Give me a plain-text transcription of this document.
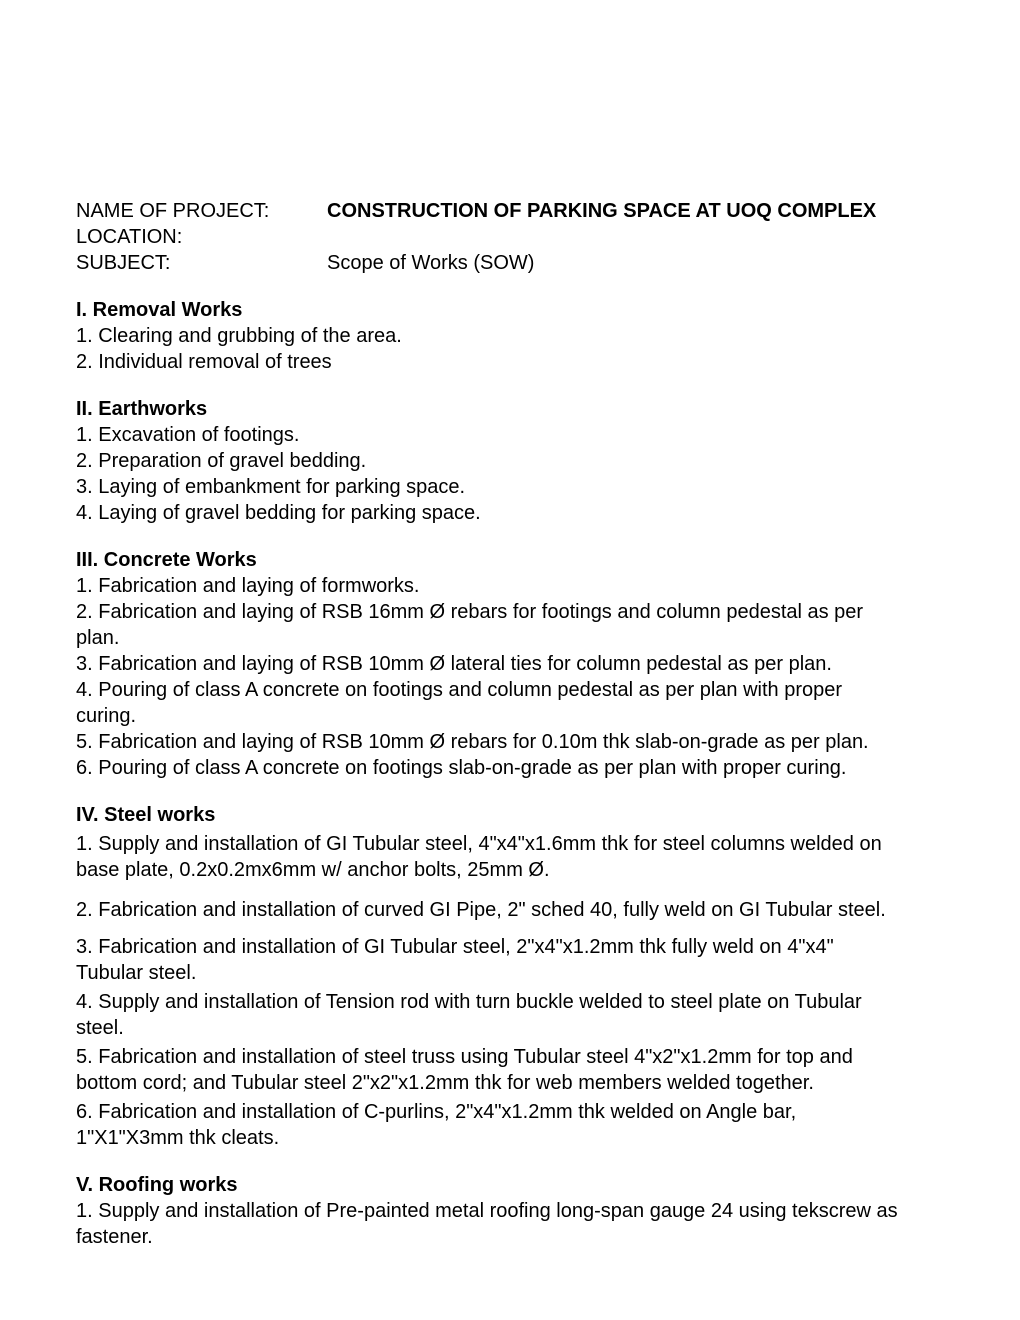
NAME OF PROJECT:	CONSTRUCTION OF PARKING SPACE AT UOQ COMPLEX
LOCATION:
SUBJECT:	Scope of Works (SOW)
I. Removal Works

1. Clearing and grubbing of the area.

2. Individual removal of trees

II. Earthworks

1. Excavation of footings.

2. Preparation of gravel bedding.

3. Laying of embankment for parking space.

4. Laying of gravel bedding for parking space.

III. Concrete Works

1. Fabrication and laying of formworks.

2. Fabrication and laying of RSB 16mm Ø rebars for footings and column pedestal as per plan.

3. Fabrication and laying of RSB 10mm Ø lateral ties for column pedestal as per plan.

4. Pouring of class A concrete on footings and column pedestal as per plan with proper curing.

5. Fabrication and laying of RSB 10mm Ø rebars for 0.10m thk slab-on-grade as per plan.

6. Pouring of class A concrete on footings slab-on-grade as per plan with proper curing.

IV. Steel works

1. Supply and installation of GI Tubular steel, 4"x4"x1.6mm thk for steel columns welded on base plate, 0.2x0.2mx6mm w/ anchor bolts, 25mm Ø.

2. Fabrication and installation of curved GI Pipe, 2" sched 40, fully weld on GI Tubular steel.

3. Fabrication and installation of GI Tubular steel, 2"x4"x1.2mm thk fully weld on 4"x4" Tubular steel.

4. Supply and installation of Tension rod with turn buckle welded to steel plate on Tubular steel.

5. Fabrication and installation of steel truss using Tubular steel 4"x2"x1.2mm for top and bottom cord; and Tubular steel 2"x2"x1.2mm thk for web members welded together.

6. Fabrication and installation of C-purlins, 2"x4"x1.2mm thk welded on Angle bar, 1"X1"X3mm thk cleats.

V. Roofing works

1. Supply and installation of Pre-painted metal roofing long-span gauge 24 using tekscrew as fastener.
